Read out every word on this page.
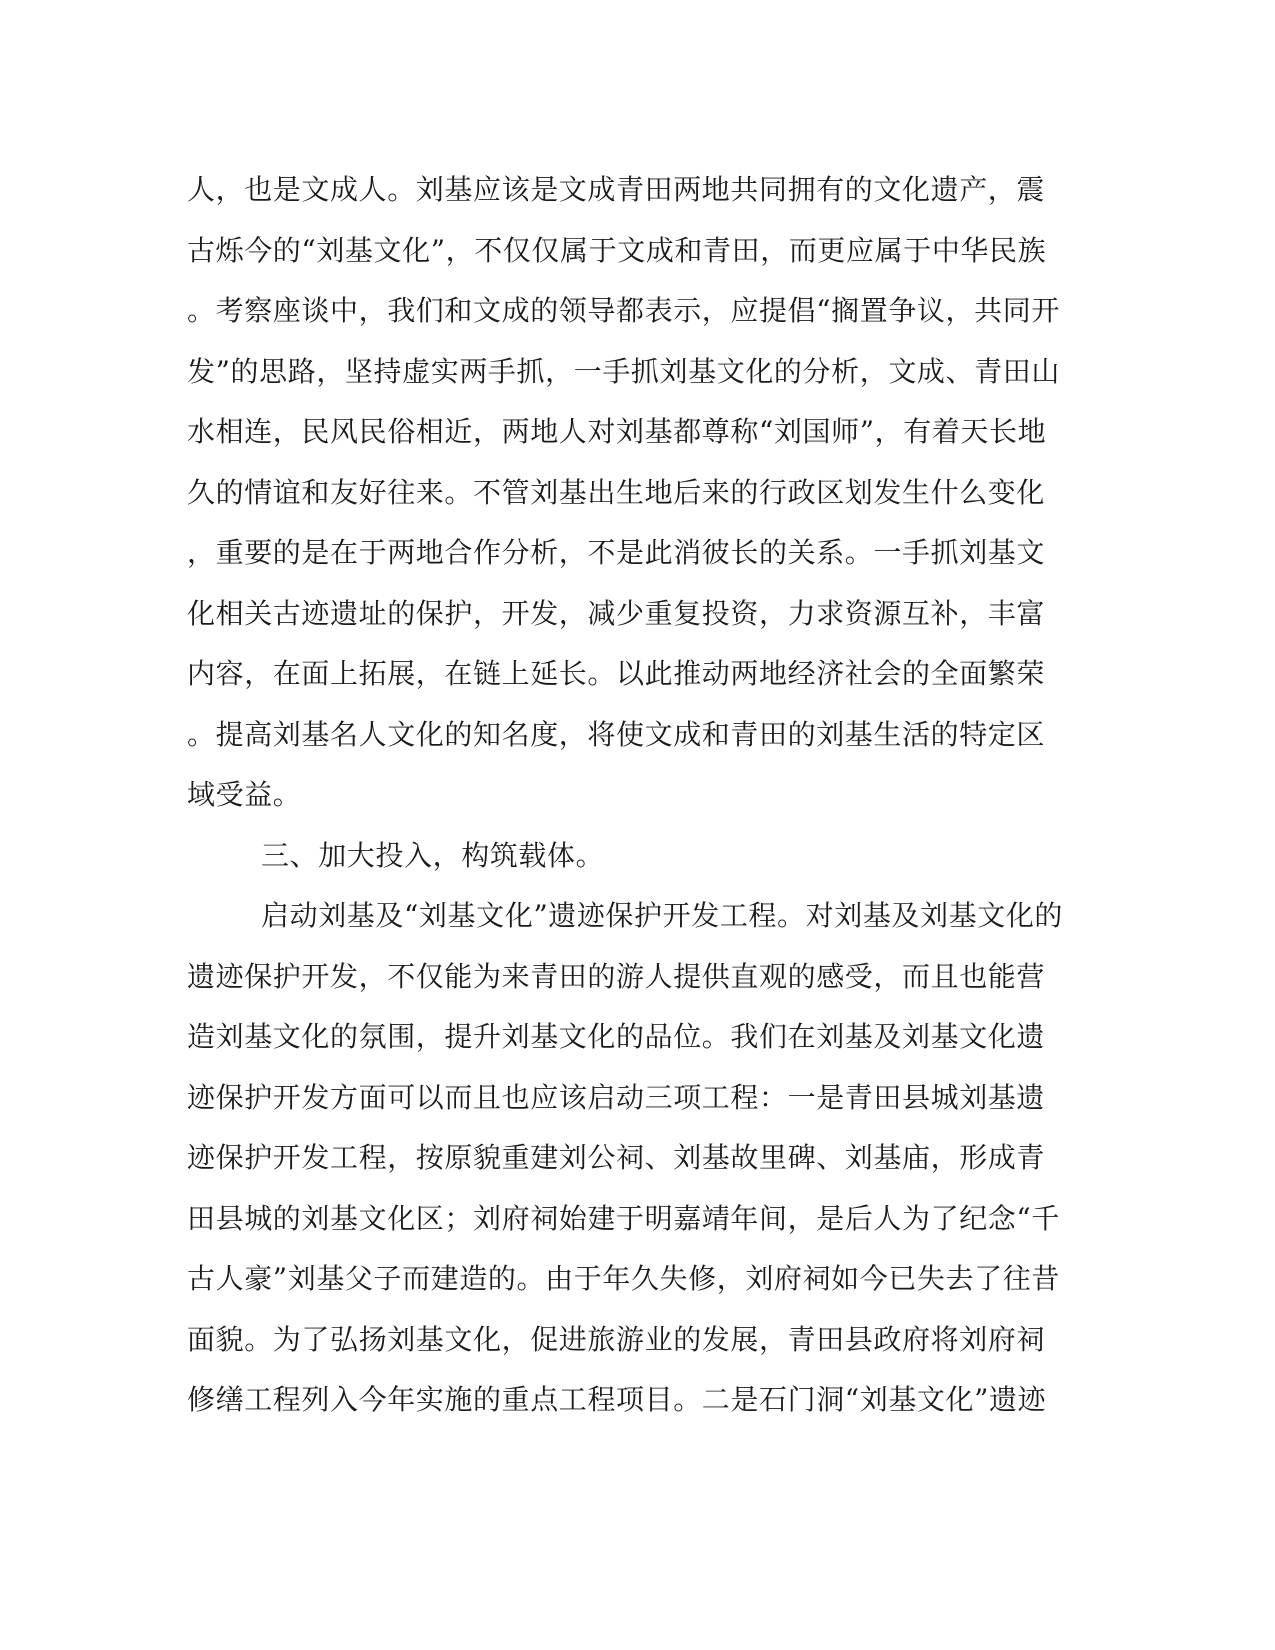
人，也是文成人。刘基应该是文成青田两地共同拥有的文化遗产，震
古烁今的“刘基文化”，不仅仅属于文成和青田，而更应属于中华民族
。考察座谈中，我们和文成的领导都表示，应提倡“搁置争议，共同开
发”的思路，坚持虚实两手抓，一手抓刘基文化的分析，文成、青田山
水相连，民风民俗相近，两地人对刘基都尊称“刘国师”，有着天长地
久的情谊和友好往来。不管刘基出生地后来的行政区划发生什么变化
，重要的是在于两地合作分析，不是此消彼长的关系。一手抓刘基文
化相关古迹遗址的保护，开发，减少重复投资，力求资源互补，丰富
内容，在面上拓展，在链上延长。以此推动两地经济社会的全面繁荣
。提高刘基名人文化的知名度，将使文成和青田的刘基生活的特定区
域受益。
三、加大投入，构筑载体。
启动刘基及“刘基文化”遗迹保护开发工程。对刘基及刘基文化的
遗迹保护开发，不仅能为来青田的游人提供直观的感受，而且也能营
造刘基文化的氛围，提升刘基文化的品位。我们在刘基及刘基文化遗
迹保护开发方面可以而且也应该启动三项工程：一是青田县城刘基遗
迹保护开发工程，按原貌重建刘公祠、刘基故里碑、刘基庙，形成青
田县城的刘基文化区；刘府祠始建于明嘉靖年间，是后人为了纪念“千
古人豪”刘基父子而建造的。由于年久失修，刘府祠如今已失去了往昔
面貌。为了弘扬刘基文化，促进旅游业的发展，青田县政府将刘府祠
修缮工程列入今年实施的重点工程项目。二是石门洞“刘基文化”遗迹
